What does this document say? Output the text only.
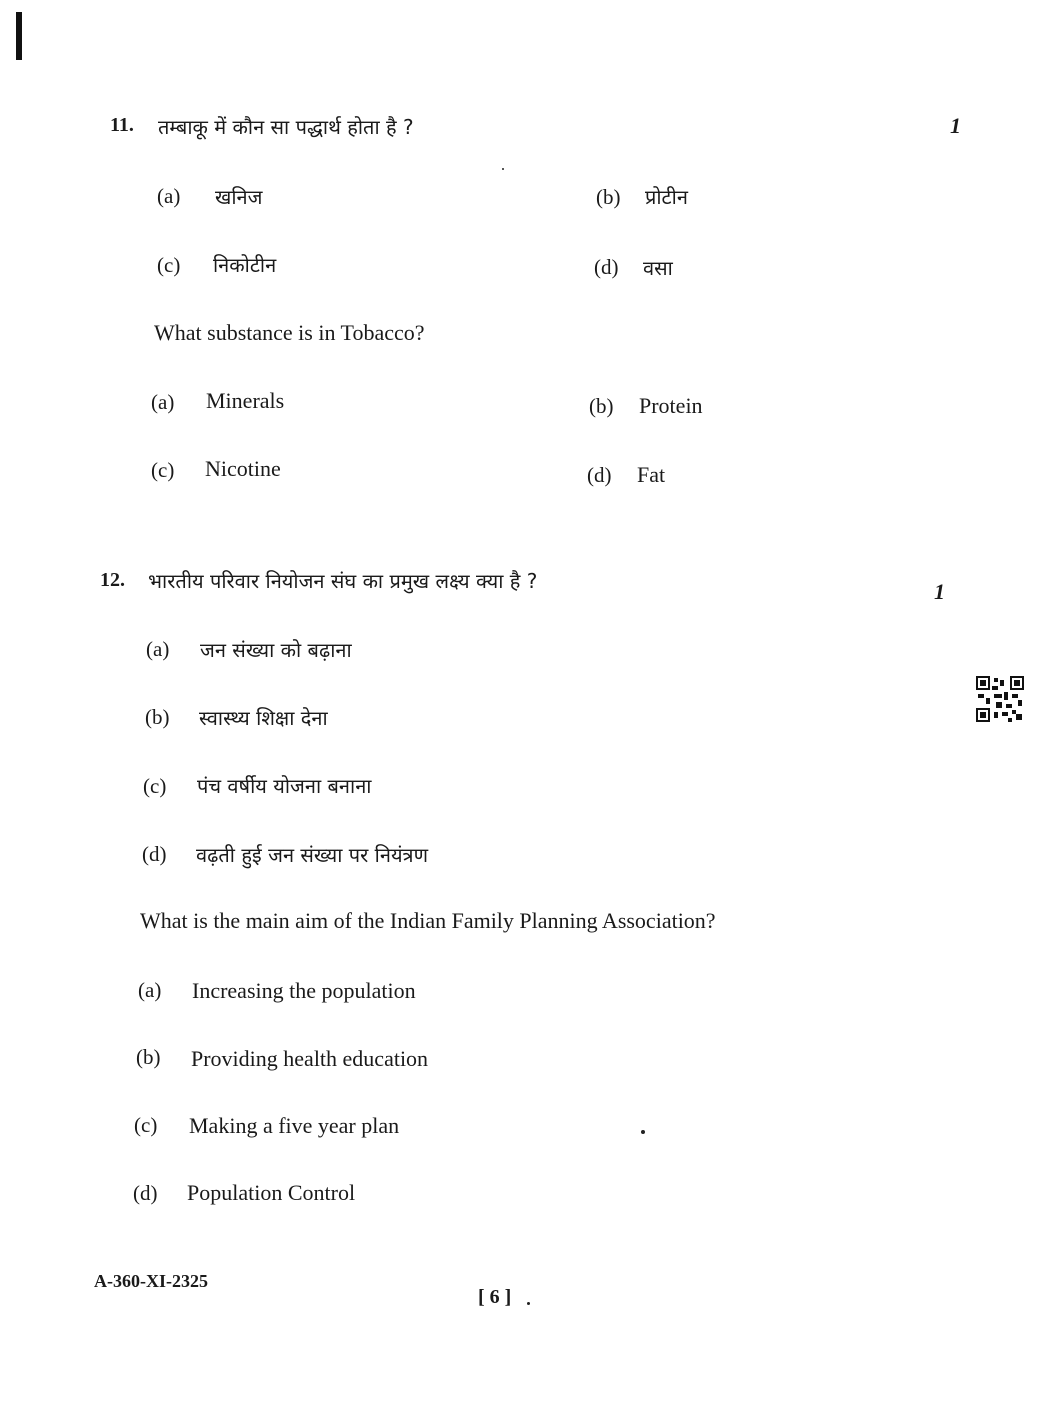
11. तम्बाकू में कौन सा पद्धार्थ होता है ?	1
(a) खनिज	(b) प्रोटीन
(c) निकोटीन	(d) वसा
What substance is in Tobacco?
(a) Minerals	(b) Protein
(c) Nicotine	(d) Fat
12. भारतीय परिवार नियोजन संघ का प्रमुख लक्ष्य क्या है ?	1
(a) जन संख्या को बढ़ाना
(b) स्वास्थ्य शिक्षा देना
(c) पंच वर्षीय योजना बनाना
(d) वढ़ती हुई जन संख्या पर नियंत्रण
What is the main aim of the Indian Family Planning Association?
(a) Increasing the population
(b) Providing health education
(c) Making a five year plan
(d) Population Control
A-360-XI-2325
[ 6 ]
